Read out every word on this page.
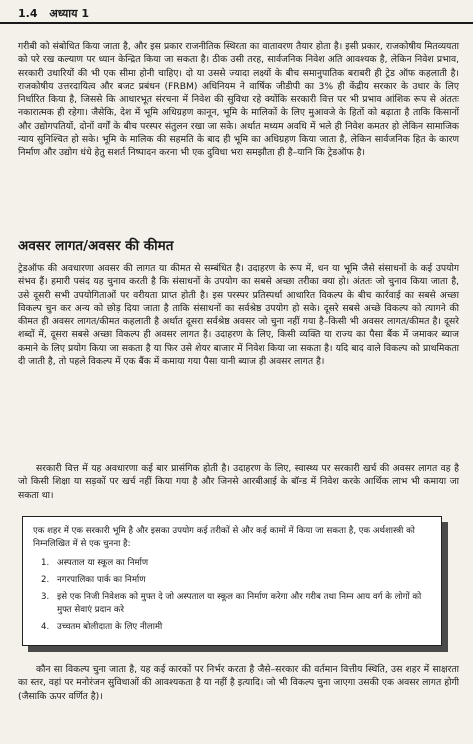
1.4 अध्याय 1
गरीबी को संबोधित किया जाता है, और इस प्रकार राजनीतिक स्थिरता का वातावरण तैयार होता है। इसी प्रकार, राजकोषीय मितव्ययता को परे रख कल्याण पर ध्यान केन्द्रित किया जा सकता है। ठीक उसी तरह, सार्वजनिक निवेश अति आवश्यक है, लेकिन निवेश प्रभाव, सरकारी उधारियों की भी एक सीमा होनी चाहिए। दो या उससे ज्यादा लक्ष्यों के बीच समानुपातिक बराबरी ही ट्रेड ऑफ कहलाती है। राजकोषीय उत्तरदायित्व और बजट प्रबंधन (FRBM) अधिनियम ने वार्षिक जीडीपी का 3% ही केंद्रीय सरकार के उधार के लिए निर्धारित किया है, जिससे कि आधारभूत संरचना में निवेश की सुविधा रहे क्योंकि सरकारी वित्त पर भी प्रभाव आंशिक रूप से अंततः नकारात्मक ही रहेगा। जैसेकि, देश में भूमि अधिग्रहण कानून, भूमि के मालिकों के लिए मुआवजे के हितों को बढ़ाता है ताकि किसानों और उद्योगपतियों, दोनों वर्गों के बीच परस्पर संतुलन रखा जा सके। अर्थात मध्यम अवधि में भले ही निवेश कमतर हो लेकिन सामाजिक न्याय सुनिश्चित हो सके। भूमि के मालिक की सहमति के बाद ही भूमि का अधिग्रहण किया जाता है, लेकिन सार्वजनिक हित के कारण निर्माण और उद्योग धंधे हेतु सशर्त निष्पादन करना भी एक दुविधा भरा समझौता ही है–यानि कि ट्रेडऑफ है।
अवसर लागत/अवसर की कीमत
ट्रेडऑफ की अवधारणा अवसर की लागत या कीमत से सम्बंधित है। उदाहरण के रूप में, धन या भूमि जैसे संसाधनों के कई उपयोग संभव हैं। हमारी पसंद यह चुनाव करती है कि संसाधनों के उपयोग का सबसे अच्छा तरीका क्या हो। अंततः जो चुनाव किया जाता है, उसे दूसरी सभी उपयोगिताओं पर वरीयता प्राप्त होती है। इस परस्पर प्रतिस्पर्धा आधारित विकल्प के बीच कार्रवाई का सबसे अच्छा विकल्प चुन कर अन्य को छोड़ दिया जाता है ताकि संसाधनों का सर्वश्रेष्ठ उपयोग हो सके। दूसरे सबसे अच्छे विकल्प को त्यागने की कीमत ही अवसर लागत/कीमत कहलाती है अर्थात दूसरा सर्वश्रेष्ठ अवसर जो चुना नहीं गया है–किसी भी अवसर लागत/कीमत है। दूसरे शब्दों में, दूसरा सबसे अच्छा विकल्प ही अवसर लागत है। उदाहरण के लिए, किसी व्यक्ति या राज्य का पैसा बैंक में जमाकर ब्याज कमाने के लिए प्रयोग किया जा सकता है या फिर उसे शेयर बाजार में निवेश किया जा सकता है। यदि बाद वाले विकल्प को प्राथमिकता दी जाती है, तो पहले विकल्प में एक बैंक में कमाया गया पैसा यानी ब्याज ही अवसर लागत है।
सरकारी वित्त में यह अवधारणा कई बार प्रासंगिक होती है। उदाहरण के लिए, स्वास्थ्य पर सरकारी खर्च की अवसर लागत वह है जो किसी शिक्षा या सड़कों पर खर्च नहीं किया गया है और जिनसे आरबीआई के बॉन्ड में निवेश करके आर्थिक लाभ भी कमाया जा सकता था।
एक शहर में एक सरकारी भूमि है और इसका उपयोग कई तरीकों से और कई कामों में किया जा सकता है, एक अर्थशास्त्री को निम्नलिखित में से एक चुनना है:
1. अस्पताल या स्कूल का निर्माण
2. नगरपालिका पार्क का निर्माण
3. इसे एक निजी निवेशक को मुफ्त दे जो अस्पताल या स्कूल का निर्माण करेगा और गरीब तथा निम्न आय वर्ग के लोगों को मुफ्त सेवाएं प्रदान करे
4. उच्चतम बोलीदाता के लिए नीलामी
कौन सा विकल्प चुना जाता है, यह कई कारकों पर निर्भर करता है जैसे–सरकार की वर्तमान वित्तीय स्थिति, उस शहर में साक्षरता का स्तर, वहां पर मनोरंजन सुविधाओं की आवश्यकता है या नहीं है इत्यादि। जो भी विकल्प चुना जाएगा उसकी एक अवसर लागत होगी (जैसाकि ऊपर वर्णित है)।
